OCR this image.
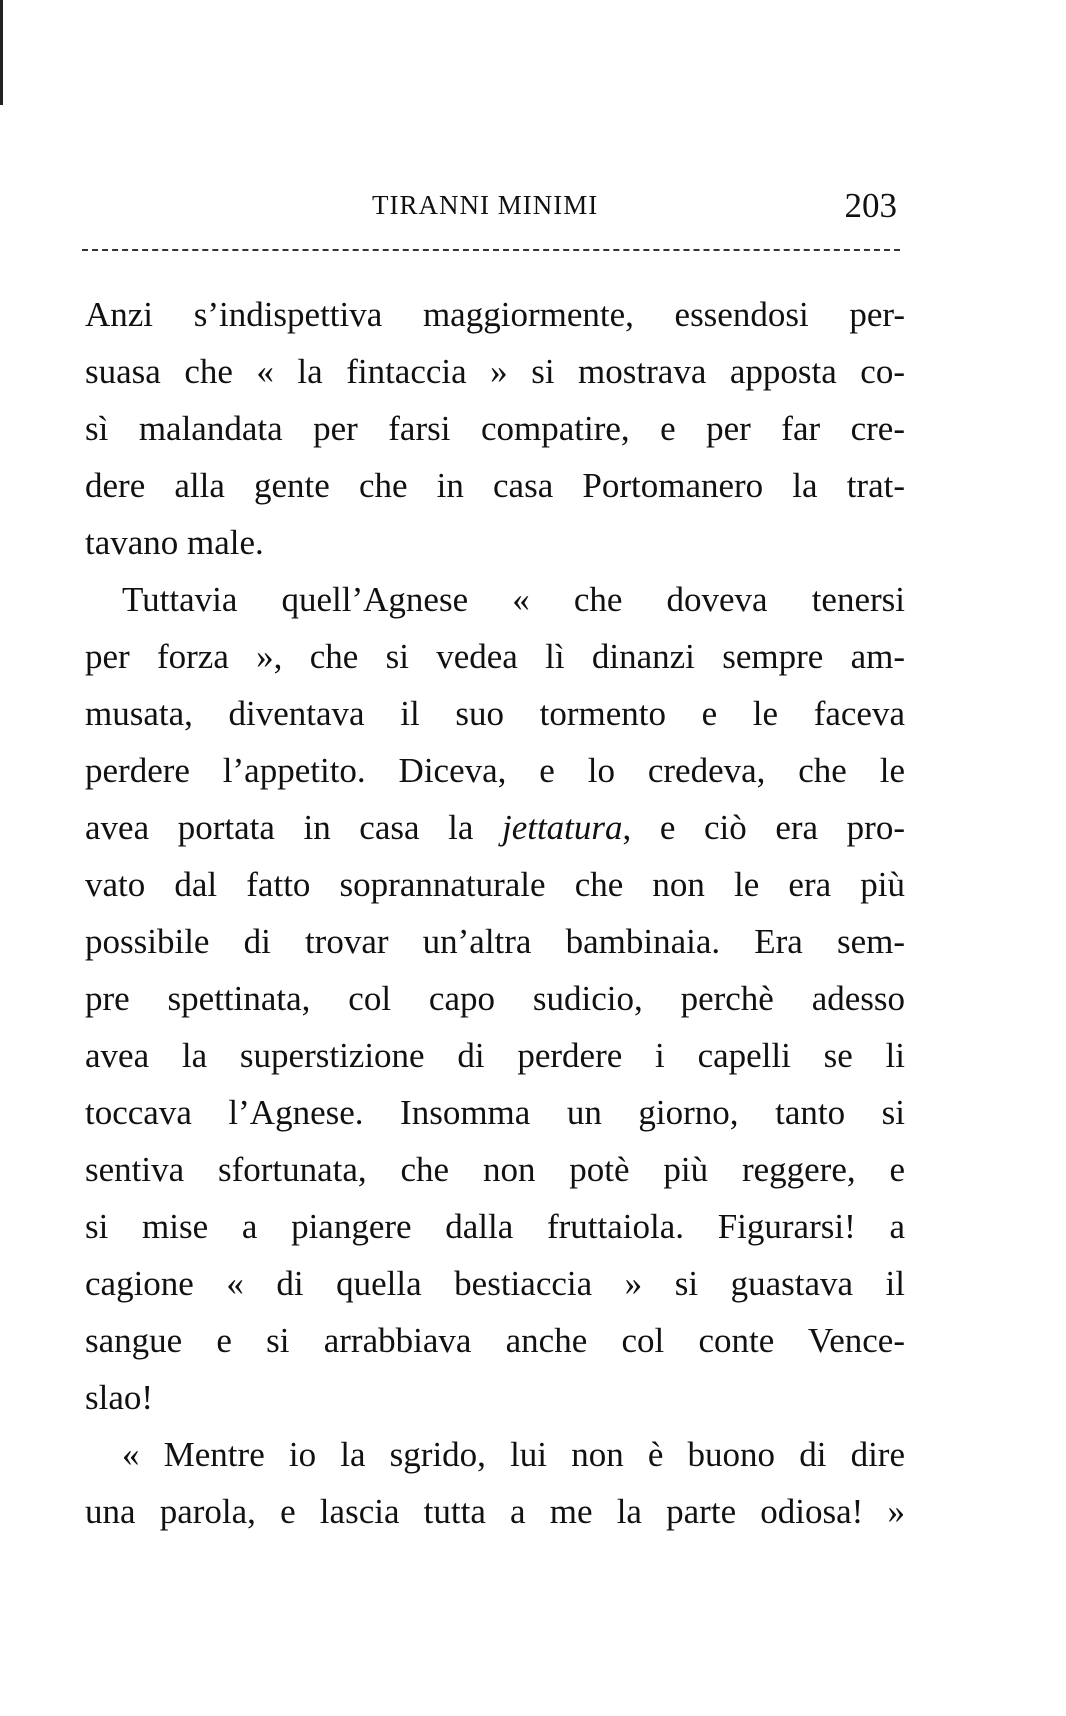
TIRANNI MINIMI	203
Anzi s’indispettiva maggiormente, essendosi per-
suasa che « la fintaccia » si mostrava apposta co-
sì malandata per farsi compatire, e per far cre-
dere alla gente che in casa Portomanero la trat-
tavano male.
Tuttavia quell’Agnese « che doveva tenersi
per forza », che si vedea lì dinanzi sempre am-
musata, diventava il suo tormento e le faceva
perdere l’appetito. Diceva, e lo credeva, che le
avea portata in casa la jettatura, e ciò era pro-
vato dal fatto soprannaturale che non le era più
possibile di trovar un’altra bambinaia. Era sem-
pre spettinata, col capo sudicio, perchè adesso
avea la superstizione di perdere i capelli se li
toccava l’Agnese. Insomma un giorno, tanto si
sentiva sfortunata, che non potè più reggere, e
si mise a piangere dalla fruttaiola. Figurarsi! a
cagione « di quella bestiaccia » si guastava il
sangue e si arrabbiava anche col conte Vence-
slao!
« Mentre io la sgrido, lui non è buono di dire
una parola, e lascia tutta a me la parte odiosa! »
